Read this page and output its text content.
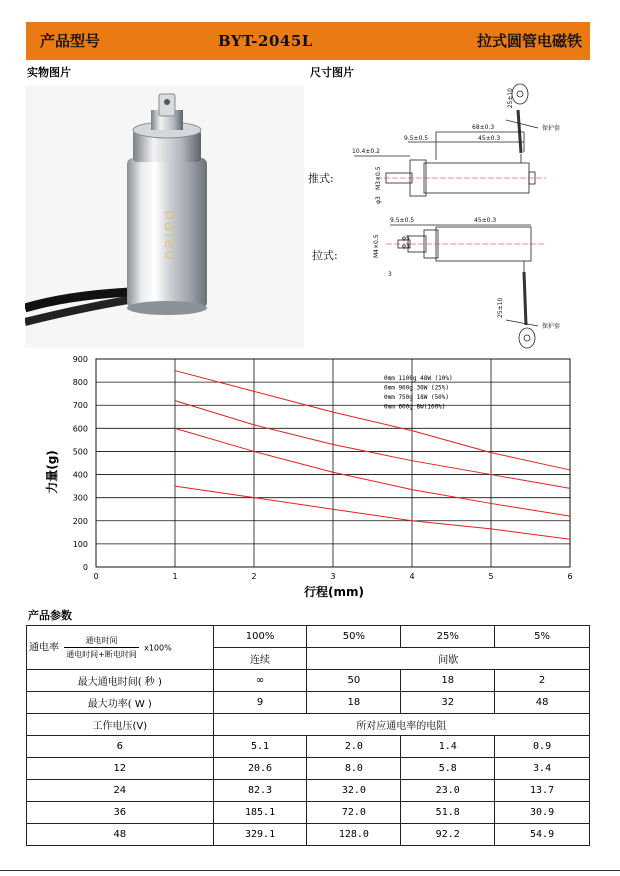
产品型号	BYT-2045L	拉式圆管电磁铁
实物图片	尺寸图片
baleo
25±10
68±0.3
9.5±0.5	45±0.3
10.4±0.2
M3×0.5
φ3
保护套
9.5±0.5	45±0.3
M4×0.5	φ5
φ3
3
25±10
保护套
推式:
拉式:
0	1	2	3	4	5	6
0
100
200
300
400
500
600
700
800
900
0mm 1100g 48W (10%)
0mm 900g 30W (25%)
0mm 750g 18W (50%)
0mm 600g 8W(100%)
行程(mm)
力量(g)
产品参数
通电率 $\frac{\text{通电时间}}{\text{通电时间+断电时间}} x100\%$	100%	50%	25%	5%
	连续	间歇		
最大通电时间( 秒 )	∞	50	18	2
最大功率( W )	9	18	32	48
工作电压(V)	所对应通电率的电阻			
6	5.1	2.0	1.4	0.9
12	20.6	8.0	5.8	3.4
24	82.3	32.0	23.0	13.7
36	185.1	72.0	51.8	30.9
48	329.1	128.0	92.2	54.9
